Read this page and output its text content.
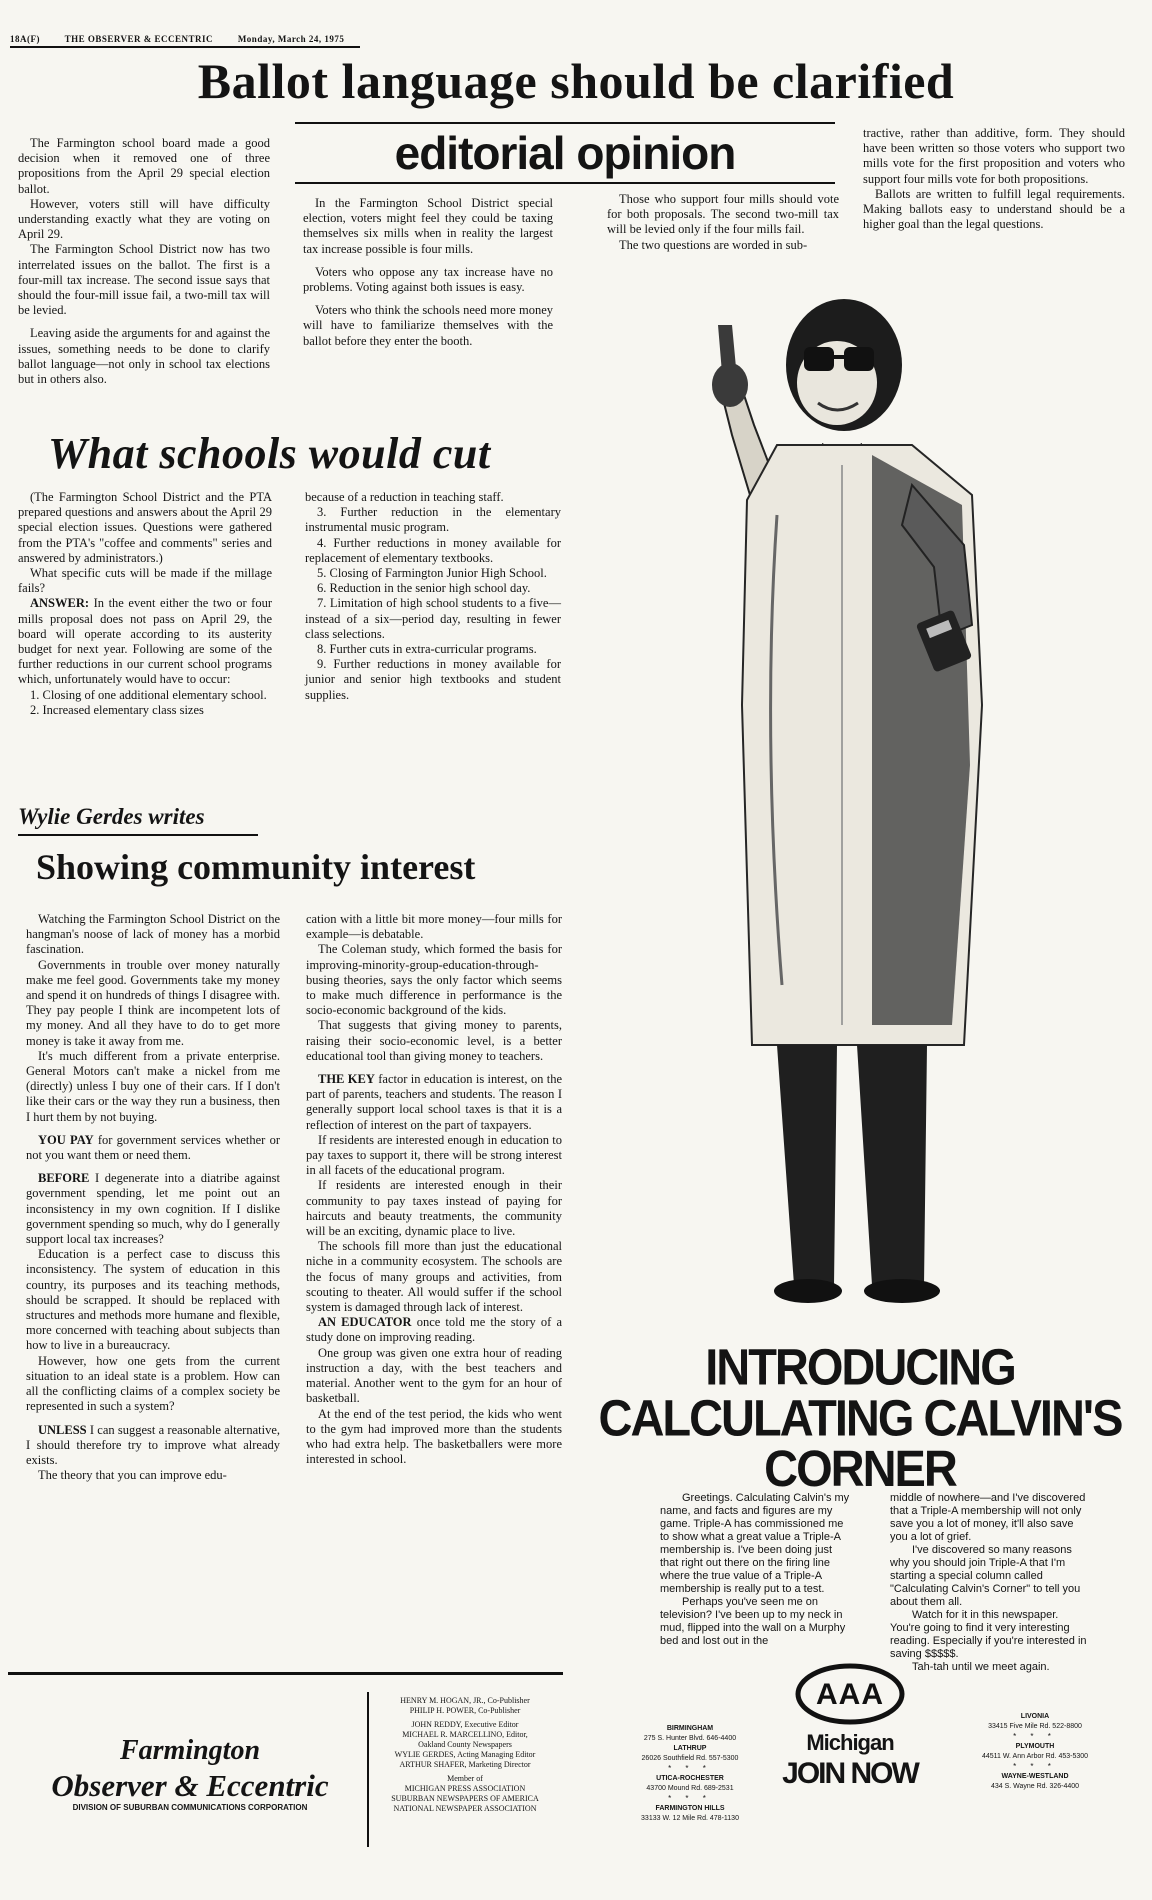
18A(F)	THE OBSERVER & ECCENTRIC	Monday, March 24, 1975
Ballot language should be clarified
editorial opinion

The Farmington school board made a good decision when it removed one of three propositions from the April 29 special election ballot.

However, voters still will have difficulty understanding exactly what they are voting on April 29.

The Farmington School District now has two interrelated issues on the ballot. The first is a four-mill tax increase. The second issue says that should the four-mill issue fail, a two-mill tax will be levied.

Leaving aside the arguments for and against the issues, something needs to be done to clarify ballot language—not only in school tax elections but in others also.

In the Farmington School District special election, voters might feel they could be taxing themselves six mills when in reality the largest tax increase possible is four mills.

Voters who oppose any tax increase have no problems. Voting against both issues is easy.

Voters who think the schools need more money will have to familiarize themselves with the ballot before they enter the booth.

Those who support four mills should vote for both proposals. The second two-mill tax will be levied only if the four mills fail.

The two questions are worded in sub-

tractive, rather than additive, form. They should have been written so those voters who support two mills vote for the first proposition and voters who support four mills vote for both propositions.

Ballots are written to fulfill legal requirements. Making ballots easy to understand should be a higher goal than the legal questions.

What schools would cut

(The Farmington School District and the PTA prepared questions and answers about the April 29 special election issues. Questions were gathered from the PTA's "coffee and comments" series and answered by administrators.)

What specific cuts will be made if the millage fails?

ANSWER: In the event either the two or four mills proposal does not pass on April 29, the board will operate according to its austerity budget for next year. Following are some of the further reductions in our current school programs which, unfortunately would have to occur:

1. Closing of one additional elementary school.

2. Increased elementary class sizes

because of a reduction in teaching staff.

3. Further reduction in the elementary instrumental music program.

4. Further reductions in money available for replacement of elementary textbooks.

5. Closing of Farmington Junior High School.

6. Reduction in the senior high school day.

7. Limitation of high school students to a five—instead of a six—period day, resulting in fewer class selections.

8. Further cuts in extra-curricular programs.

9. Further reductions in money available for junior and senior high textbooks and student supplies.

Wylie Gerdes writes
Showing community interest

Watching the Farmington School District on the hangman's noose of lack of money has a morbid fascination.

Governments in trouble over money naturally make me feel good. Governments take my money and spend it on hundreds of things I disagree with. They pay people I think are incompetent lots of my money. And all they have to do to get more money is take it away from me.

It's much different from a private enterprise. General Motors can't make a nickel from me (directly) unless I buy one of their cars. If I don't like their cars or the way they run a business, then I hurt them by not buying.

YOU PAY for government services whether or not you want them or need them.

BEFORE I degenerate into a diatribe against government spending, let me point out an inconsistency in my own cognition. If I dislike government spending so much, why do I generally support local tax increases?

Education is a perfect case to discuss this inconsistency. The system of education in this country, its purposes and its teaching methods, should be scrapped. It should be replaced with structures and methods more humane and flexible, more concerned with teaching about subjects than how to live in a bureaucracy.

However, how one gets from the current situation to an ideal state is a problem. How can all the conflicting claims of a complex society be represented in such a system?

UNLESS I can suggest a reasonable alternative, I should therefore try to improve what already exists.

The theory that you can improve edu-

cation with a little bit more money—four mills for example—is debatable.

The Coleman study, which formed the basis for improving-minority-group-education-through-busing theories, says the only factor which seems to make much difference in performance is the socio-economic background of the kids.

That suggests that giving money to parents, raising their socio-economic level, is a better educational tool than giving money to teachers.

THE KEY factor in education is interest, on the part of parents, teachers and students. The reason I generally support local school taxes is that it is a reflection of interest on the part of taxpayers.

If residents are interested enough in education to pay taxes to support it, there will be strong interest in all facets of the educational program.

If residents are interested enough in their community to pay taxes instead of paying for haircuts and beauty treatments, the community will be an exciting, dynamic place to live.

The schools fill more than just the educational niche in a community ecosystem. The schools are the focus of many groups and activities, from scouting to theater. All would suffer if the school system is damaged through lack of interest.

AN EDUCATOR once told me the story of a study done on improving reading.

One group was given one extra hour of reading instruction a day, with the best teachers and material. Another went to the gym for an hour of basketball.

At the end of the test period, the kids who went to the gym had improved more than the students who had extra help. The basketballers were more interested in school.

Farmington
Observer & Eccentric
DIVISION OF SUBURBAN COMMUNICATIONS CORPORATION
HENRY M. HOGAN, JR., Co-Publisher
PHILIP H. POWER, Co-Publisher
JOHN REDDY, Executive Editor
MICHAEL R. MARCELLINO, Editor,
Oakland County Newspapers
WYLIE GERDES, Acting Managing Editor
ARTHUR SHAFER, Marketing Director
Member of
MICHIGAN PRESS ASSOCIATION
SUBURBAN NEWSPAPERS OF AMERICA
NATIONAL NEWSPAPER ASSOCIATION
INTRODUCING
CALCULATING CALVIN'S
CORNER

Greetings. Calculating Calvin's my name, and facts and figures are my game. Triple-A has commissioned me to show what a great value a Triple-A membership is. I've been doing just that right out there on the firing line where the true value of a Triple-A membership is really put to a test.

Perhaps you've seen me on television? I've been up to my neck in mud, flipped into the wall on a Murphy bed and lost out in the

middle of nowhere—and I've discovered that a Triple-A membership will not only save you a lot of money, it'll also save you a lot of grief.

I've discovered so many reasons why you should join Triple-A that I'm starting a special column called "Calculating Calvin's Corner" to tell you about them all.

Watch for it in this newspaper. You're going to find it very interesting reading. Especially if you're interested in saving $$$$$.

Tah-tah until we meet again.

AAA
Michigan
JOIN NOW
BIRMINGHAM
275 S. Hunter Blvd. 646-4400
LATHRUP
26026 Southfield Rd. 557-5300
* * *
UTICA-ROCHESTER
43700 Mound Rd. 689-2531
* * *
FARMINGTON HILLS
33133 W. 12 Mile Rd. 478-1130
LIVONIA
33415 Five Mile Rd. 522-8800
* * *
PLYMOUTH
44511 W. Ann Arbor Rd. 453-5300
* * *
WAYNE-WESTLAND
434 S. Wayne Rd. 326-4400
